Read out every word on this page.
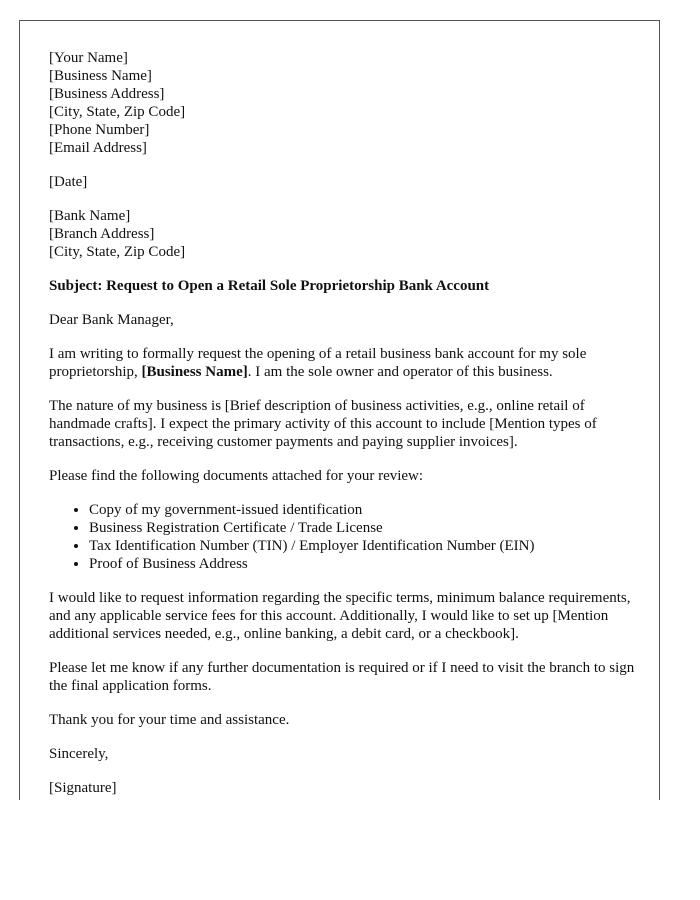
[Your Name]
[Business Name]
[Business Address]
[City, State, Zip Code]
[Phone Number]
[Email Address]
[Date]
[Bank Name]
[Branch Address]
[City, State, Zip Code]

Subject: Request to Open a Retail Sole Proprietorship Bank Account

Dear Bank Manager,

I am writing to formally request the opening of a retail business bank account for my sole proprietorship, [Business Name]. I am the sole owner and operator of this business.

The nature of my business is [Brief description of business activities, e.g., online retail of handmade crafts]. I expect the primary activity of this account to include [Mention types of transactions, e.g., receiving customer payments and paying supplier invoices].

Please find the following documents attached for your review:

• Copy of my government-issued identification
• Business Registration Certificate / Trade License
• Tax Identification Number (TIN) / Employer Identification Number (EIN)
• Proof of Business Address

I would like to request information regarding the specific terms, minimum balance requirements, and any applicable service fees for this account. Additionally, I would like to set up [Mention additional services needed, e.g., online banking, a debit card, or a checkbook].

Please let me know if any further documentation is required or if I need to visit the branch to sign the final application forms.

Thank you for your time and assistance.

Sincerely,

[Signature]
